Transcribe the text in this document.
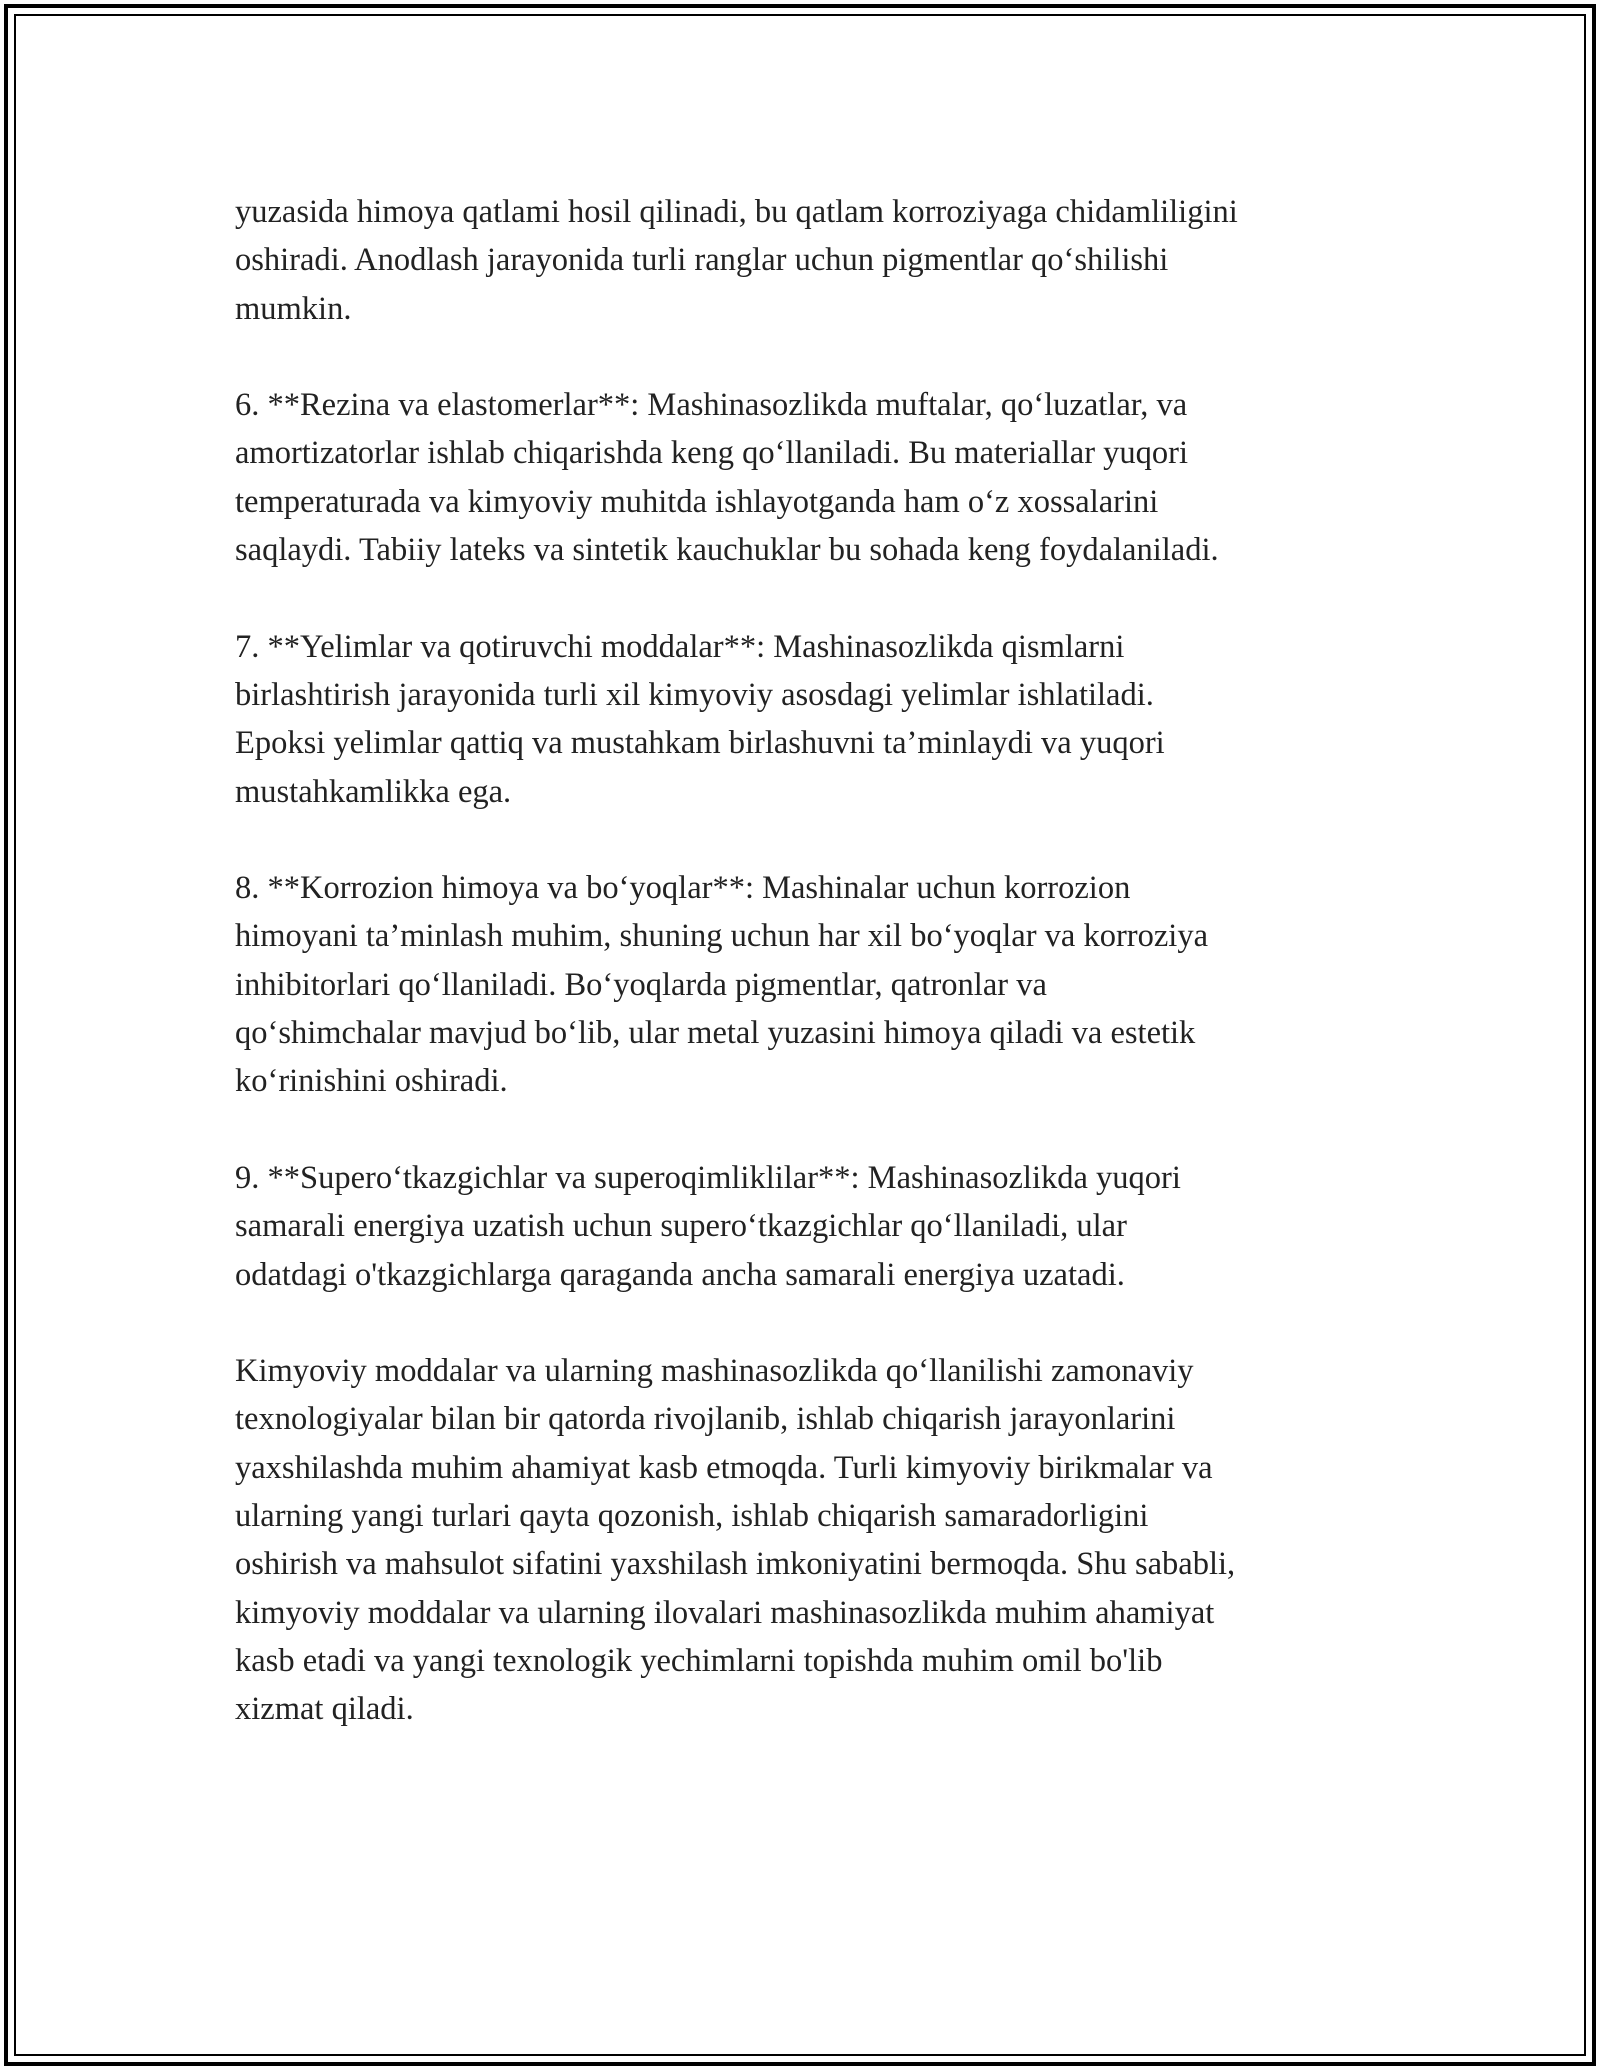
yuzasida himoya qatlami hosil qilinadi, bu qatlam korroziyaga chidamliligini
oshiradi. Anodlash jarayonida turli ranglar uchun pigmentlar qo‘shilishi
mumkin.

6. **Rezina va elastomerlar**: Mashinasozlikda muftalar, qo‘luzatlar, va
amortizatorlar ishlab chiqarishda keng qo‘llaniladi. Bu materiallar yuqori
temperaturada va kimyoviy muhitda ishlayotganda ham o‘z xossalarini
saqlaydi. Tabiiy lateks va sintetik kauchuklar bu sohada keng foydalaniladi.

7. **Yelimlar va qotiruvchi moddalar**: Mashinasozlikda qismlarni
birlashtirish jarayonida turli xil kimyoviy asosdagi yelimlar ishlatiladi.
Epoksi yelimlar qattiq va mustahkam birlashuvni ta’minlaydi va yuqori
mustahkamlikka ega.

8. **Korrozion himoya va bo‘yoqlar**: Mashinalar uchun korrozion
himoyani ta’minlash muhim, shuning uchun har xil bo‘yoqlar va korroziya
inhibitorlari qo‘llaniladi. Bo‘yoqlarda pigmentlar, qatronlar va
qo‘shimchalar mavjud bo‘lib, ular metal yuzasini himoya qiladi va estetik
ko‘rinishini oshiradi.

9. **Supero‘tkazgichlar va superoqimliklilar**: Mashinasozlikda yuqori
samarali energiya uzatish uchun supero‘tkazgichlar qo‘llaniladi, ular
odatdagi o'tkazgichlarga qaraganda ancha samarali energiya uzatadi.

Kimyoviy moddalar va ularning mashinasozlikda qo‘llanilishi zamonaviy
texnologiyalar bilan bir qatorda rivojlanib, ishlab chiqarish jarayonlarini
yaxshilashda muhim ahamiyat kasb etmoqda. Turli kimyoviy birikmalar va
ularning yangi turlari qayta qozonish, ishlab chiqarish samaradorligini
oshirish va mahsulot sifatini yaxshilash imkoniyatini bermoqda. Shu sababli,
kimyoviy moddalar va ularning ilovalari mashinasozlikda muhim ahamiyat
kasb etadi va yangi texnologik yechimlarni topishda muhim omil bo'lib
xizmat qiladi.
